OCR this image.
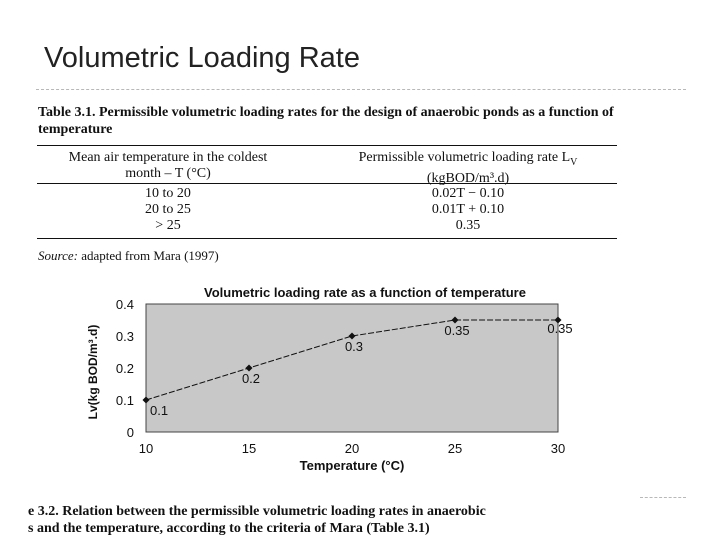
Volumetric Loading Rate
Table 3.1. Permissible volumetric loading rates for the design of anaerobic ponds as a function of temperature
Mean air temperature in the coldest
month – T (°C)
Permissible volumetric loading rate $L_V$
(kgBOD/m³.d)
10 to 20	0.02T − 0.10
20 to 25	0.01T + 0.10
> 25	0.35
Source: adapted from Mara (1997)
Volumetric loading rate as a function of temperature
0
0.1
0.2
0.3
0.4
10	15	20	25	30
0.1
0.2
0.3
0.35	0.35
Temperature (°C)
Lv(kg BOD/m³.d)
e 3.2. Relation between the permissible volumetric loading rates in anaerobic
s and the temperature, according to the criteria of Mara (Table 3.1)
